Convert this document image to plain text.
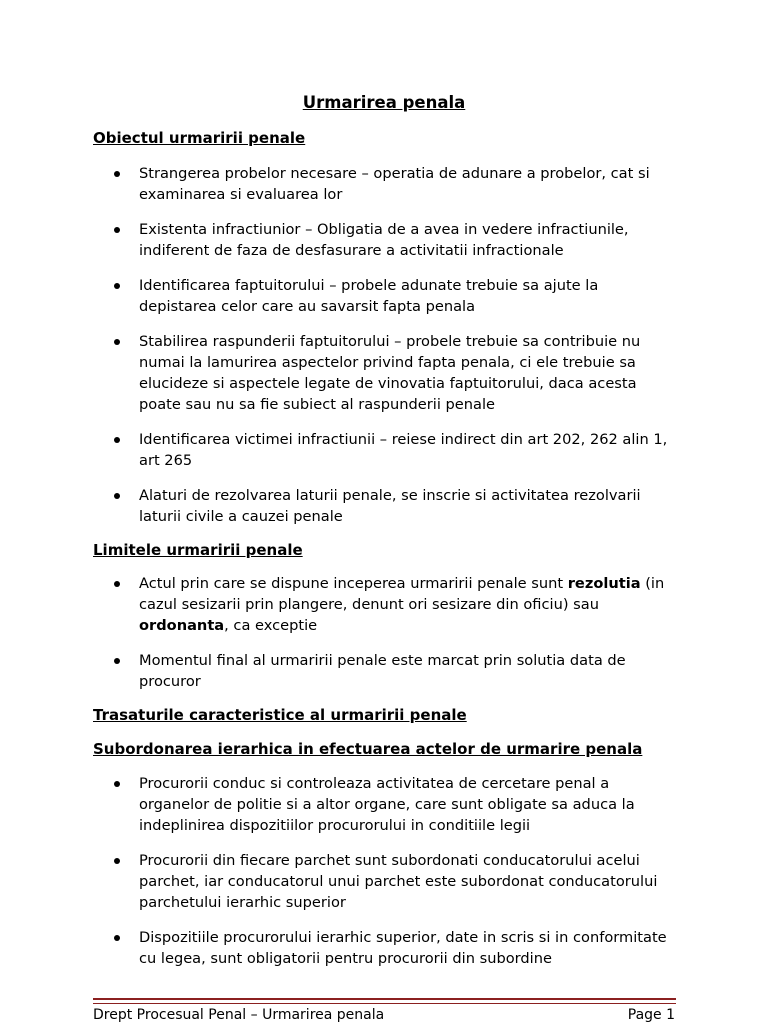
Urmarirea penala
Obiectul urmaririi penale
Strangerea probelor necesare – operatia de adunare a probelor, cat si examinarea si evaluarea lor
Existenta infractiunior – Obligatia de a avea in vedere infractiunile, indiferent de faza de desfasurare a activitatii infractionale
Identificarea faptuitorului – probele adunate trebuie sa ajute la depistarea celor care au savarsit fapta penala
Stabilirea raspunderii faptuitorului – probele trebuie sa contribuie nu numai la lamurirea aspectelor privind fapta penala, ci ele trebuie sa elucideze si aspectele legate de vinovatia faptuitorului, daca acesta poate sau nu sa fie subiect al raspunderii penale
Identificarea victimei infractiunii – reiese indirect din art 202, 262 alin 1, art 265
Alaturi de rezolvarea laturii penale, se inscrie si activitatea rezolvarii laturii civile a cauzei penale
Limitele urmaririi penale
Actul prin care se dispune inceperea urmaririi penale sunt rezolutia (in cazul sesizarii prin plangere, denunt ori sesizare din oficiu) sau ordonanta, ca exceptie
Momentul final al urmaririi penale este marcat prin solutia data de procuror
Trasaturile caracteristice al urmaririi penale
Subordonarea ierarhica in efectuarea actelor de urmarire penala
Procurorii conduc si controleaza activitatea de cercetare penal a organelor de politie si a altor organe, care sunt obligate sa aduca la indeplinirea dispozitiilor procurorului in conditiile legii
Procurorii din fiecare parchet sunt subordonati conducatorului acelui parchet, iar conducatorul unui parchet este subordonat conducatorului parchetului ierarhic superior
Dispozitiile procurorului ierarhic superior, date in scris si in conformitate cu legea, sunt obligatorii pentru procurorii din subordine
Drept Procesual Penal – Urmarirea penala	Page 1
